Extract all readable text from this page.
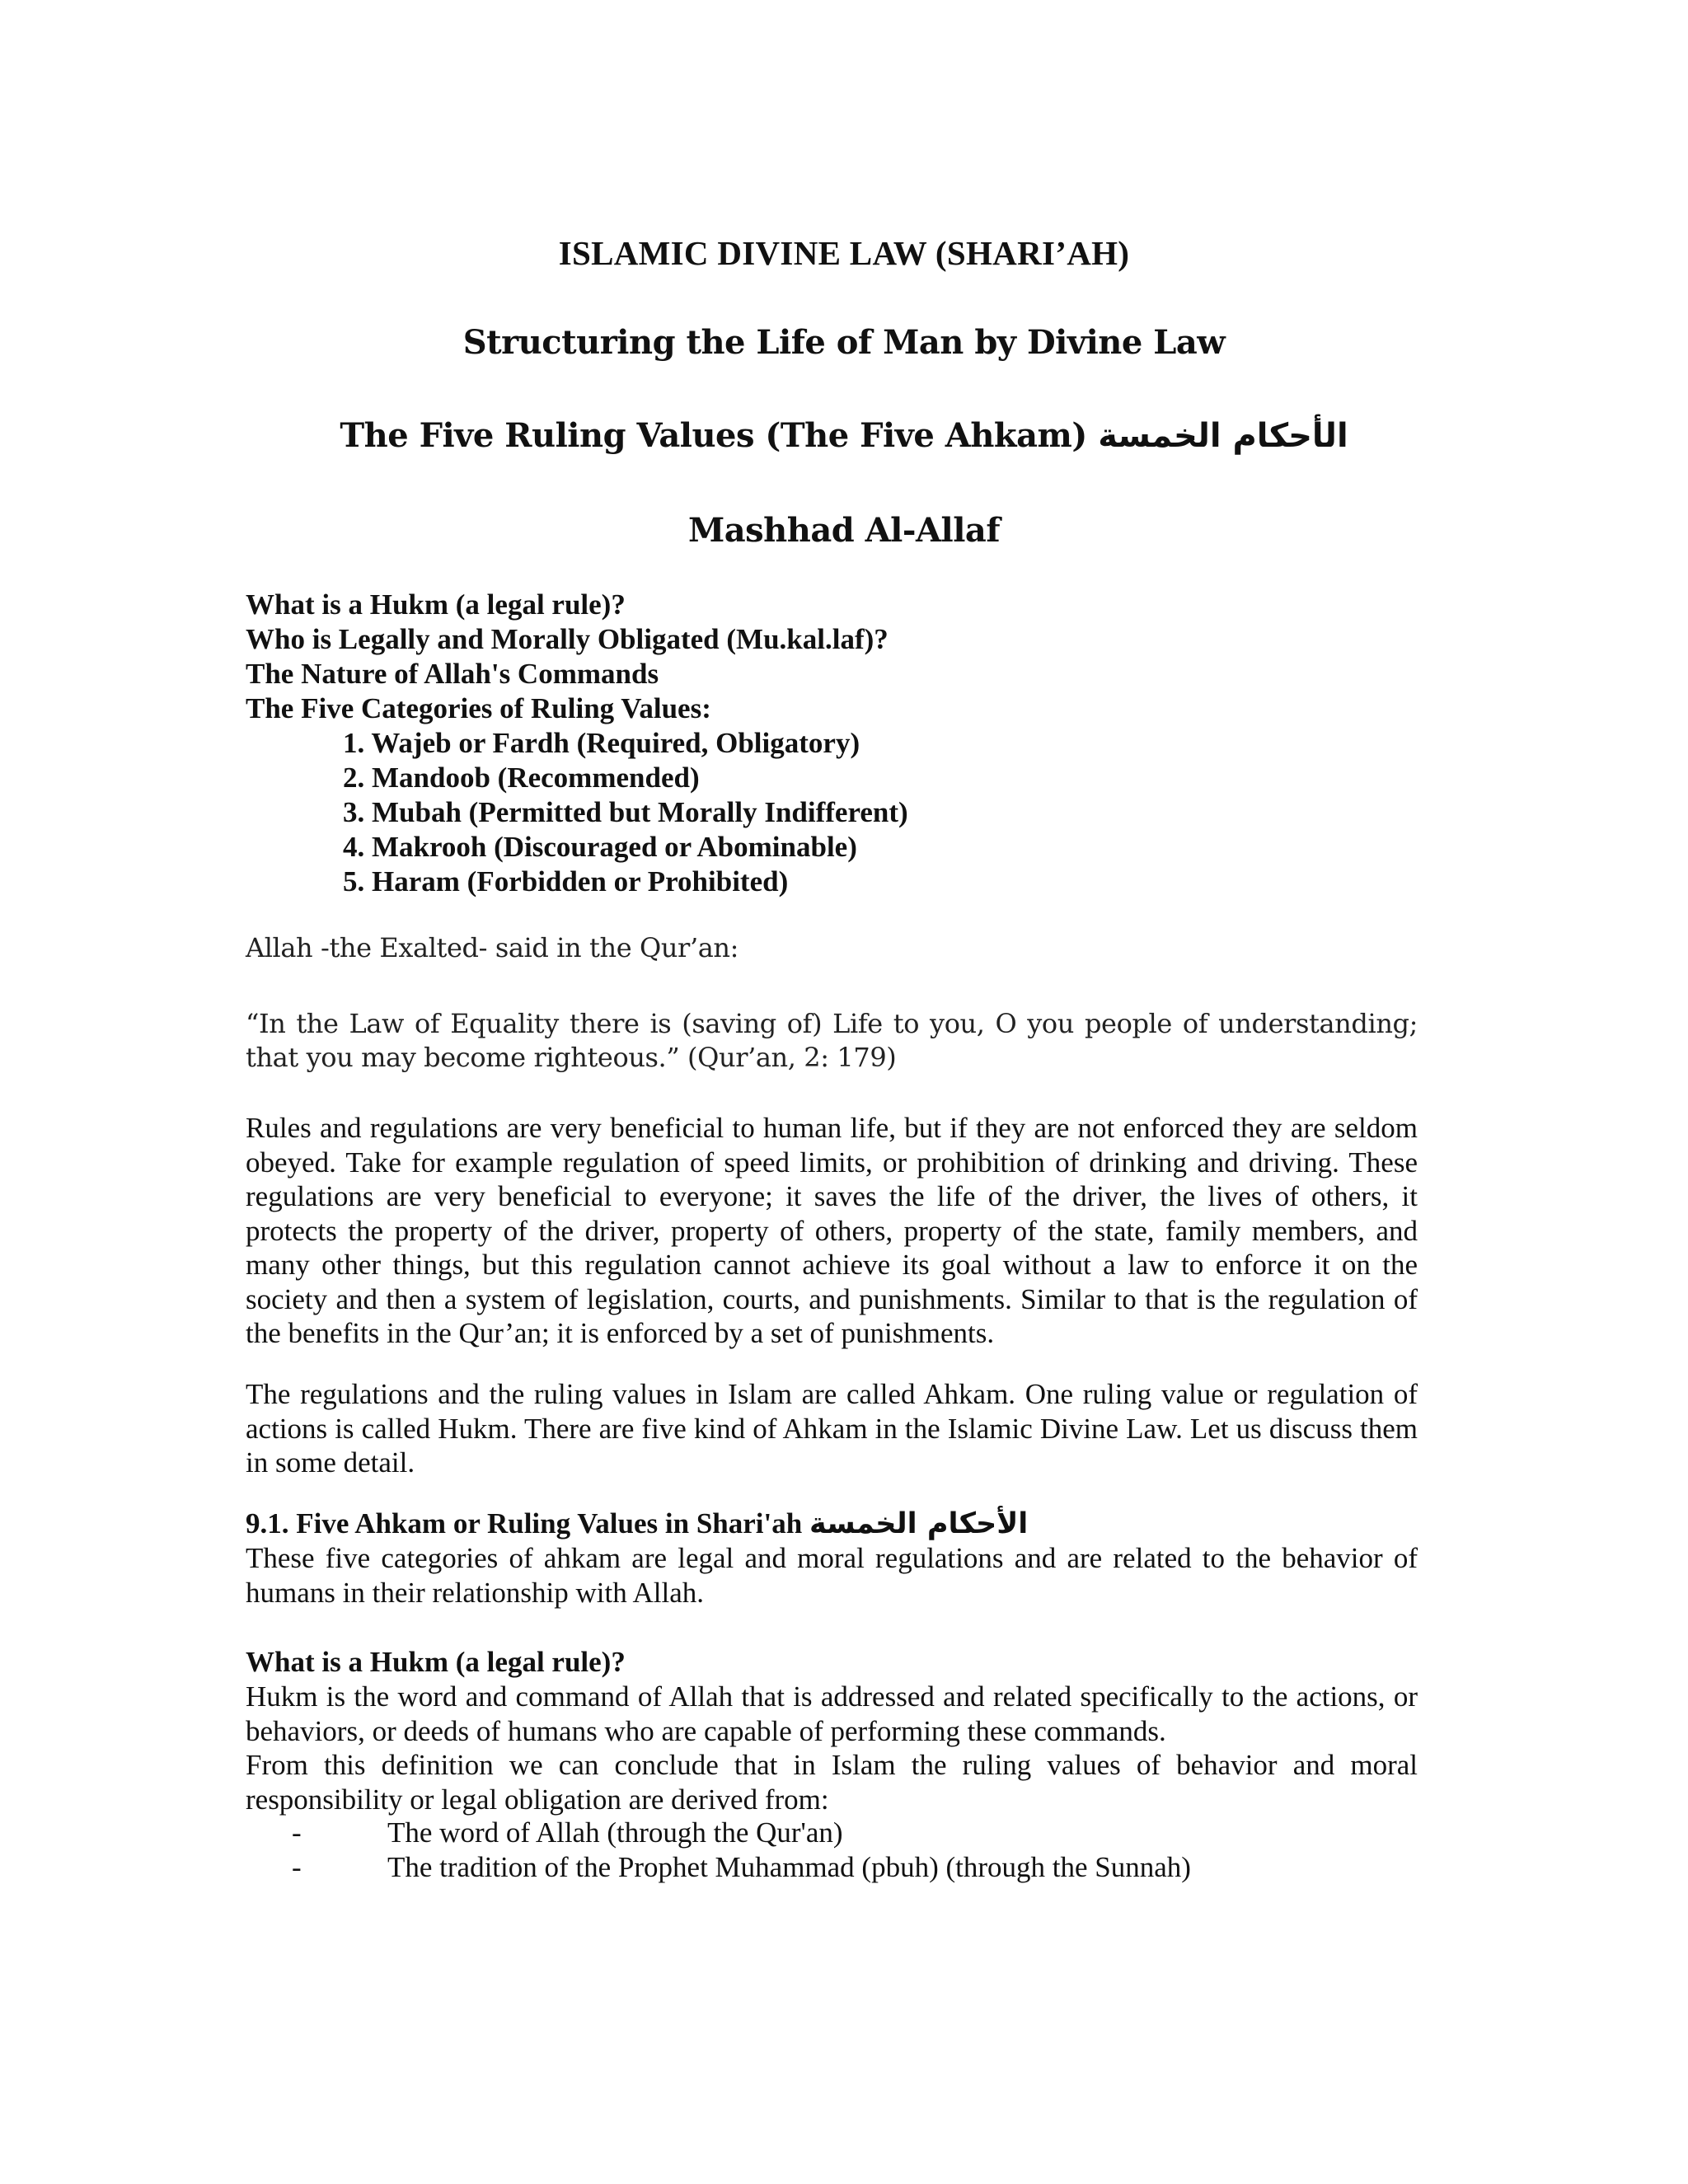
ISLAMIC DIVINE LAW (SHARI’AH)
Structuring the Life of Man by Divine Law
The Five Ruling Values (The Five Ahkam) الأحكام الخمسة
Mashhad Al-Allaf
What is a Hukm (a legal rule)?
Who is Legally and Morally Obligated (Mu.kal.laf)?
The Nature of Allah's Commands
The Five Categories of Ruling Values:
1. Wajeb or Fardh (Required, Obligatory)
2. Mandoob (Recommended)
3. Mubah (Permitted but Morally Indifferent)
4. Makrooh (Discouraged or Abominable)
5. Haram (Forbidden or Prohibited)
Allah -the Exalted- said in the Qur’an:
“In the Law of Equality there is (saving of) Life to you, O you people of understanding; that you may become righteous.” (Qur’an, 2: 179)
Rules and regulations are very beneficial to human life, but if they are not enforced they are seldom obeyed. Take for example regulation of speed limits, or prohibition of drinking and driving. These regulations are very beneficial to everyone; it saves the life of the driver, the lives of others, it protects the property of the driver, property of others, property of the state, family members, and many other things, but this regulation cannot achieve its goal without a law to enforce it on the society and then a system of legislation, courts, and punishments. Similar to that is the regulation of the benefits in the Qur’an; it is enforced by a set of punishments.
The regulations and the ruling values in Islam are called Ahkam. One ruling value or regulation of actions is called Hukm. There are five kind of Ahkam in the Islamic Divine Law. Let us discuss them in some detail.
9.1. Five Ahkam or Ruling Values in Shari'ah الأحكام الخمسة
These five categories of ahkam are legal and moral regulations and are related to the behavior of humans in their relationship with Allah.
What is a Hukm (a legal rule)?
Hukm is the word and command of Allah that is addressed and related specifically to the actions, or behaviors, or deeds of humans who are capable of performing these commands.
From this definition we can conclude that in Islam the ruling values of behavior and moral responsibility or legal obligation are derived from:
-	The word of Allah (through the Qur'an)
-	The tradition of the Prophet Muhammad (pbuh) (through the Sunnah)
